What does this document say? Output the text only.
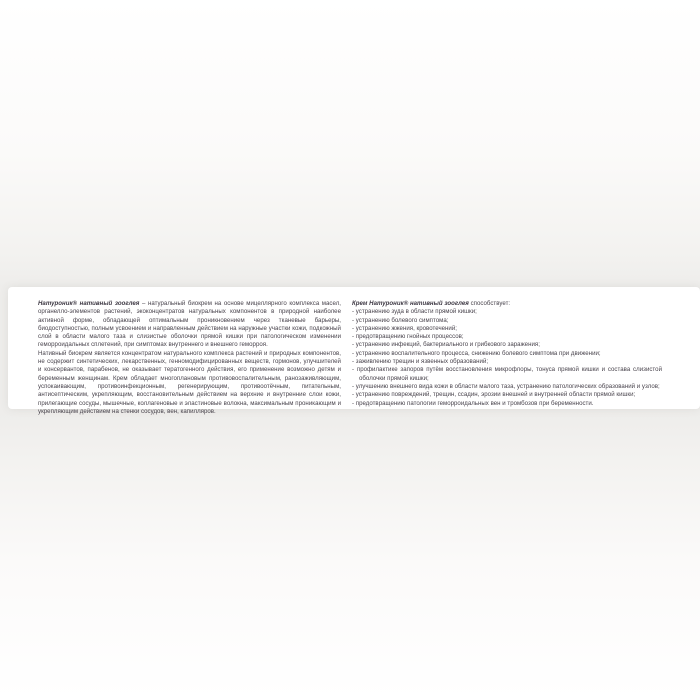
Натуроник® нативный зооглея – натуральный биокрем на основе мицеллярного комплекса масел, органелло-элементов растений, экоконцентратов натуральных компонентов в природной наиболее активной форме, обладающей оптимальным проникновением через тканевые барьеры, биодоступностью, полным усвоением и направленным действием на наружные участки кожи, подкожный слой в области малого таза и слизистые оболочки прямой кишки при патологическом изменении геморроидальных сплетений, при симптомах внутреннего и внешнего геморроя.

Нативный биокрем является концентратом натурального комплекса растений и природных компонентов, не содержит синтетических, лекарственных, генномодифицированных веществ, гормонов, улучшителей и консервантов, парабенов, не оказывает тератогенного действия, его применение возможно детям и беременным женщинам. Крем обладает многоплановым противовоспалительным, ранозаживляющим, успокаивающим, противоинфекционным, регенерирующим, противоотёчным, питательным, антисептическим, укрепляющим, восстановительным действием на верхние и внутренние слои кожи, прилегающие сосуды, мышечные, коллагеновые и эластиновые волокна, максимальным проникающим и укрепляющим действием на стенки сосудов, вен, капилляров.

Крем Натуроник® нативный зооглея способствует:

- устранению зуда в области прямой кишки;
- устранению болевого симптома;
- устранению жжения, кровотечений;
- предотвращению гнойных процессов;
- устранению инфекций, бактериального и грибкового заражения;
- устранению воспалительного процесса, снижению болевого симптома при движении;
- заживлению трещин и язвенных образований;
- профилактике запоров путём восстановления микрофлоры, тонуса прямой кишки и состава слизистой оболочки прямой кишки;
- улучшению внешнего вида кожи в области малого таза, устранению патологических образований и узлов;
- устранению повреждений, трещин, ссадин, эрозии внешней и внутренней области прямой кишки;
- предотвращению патологии геморроидальных вен и тромбозов при беременности.
